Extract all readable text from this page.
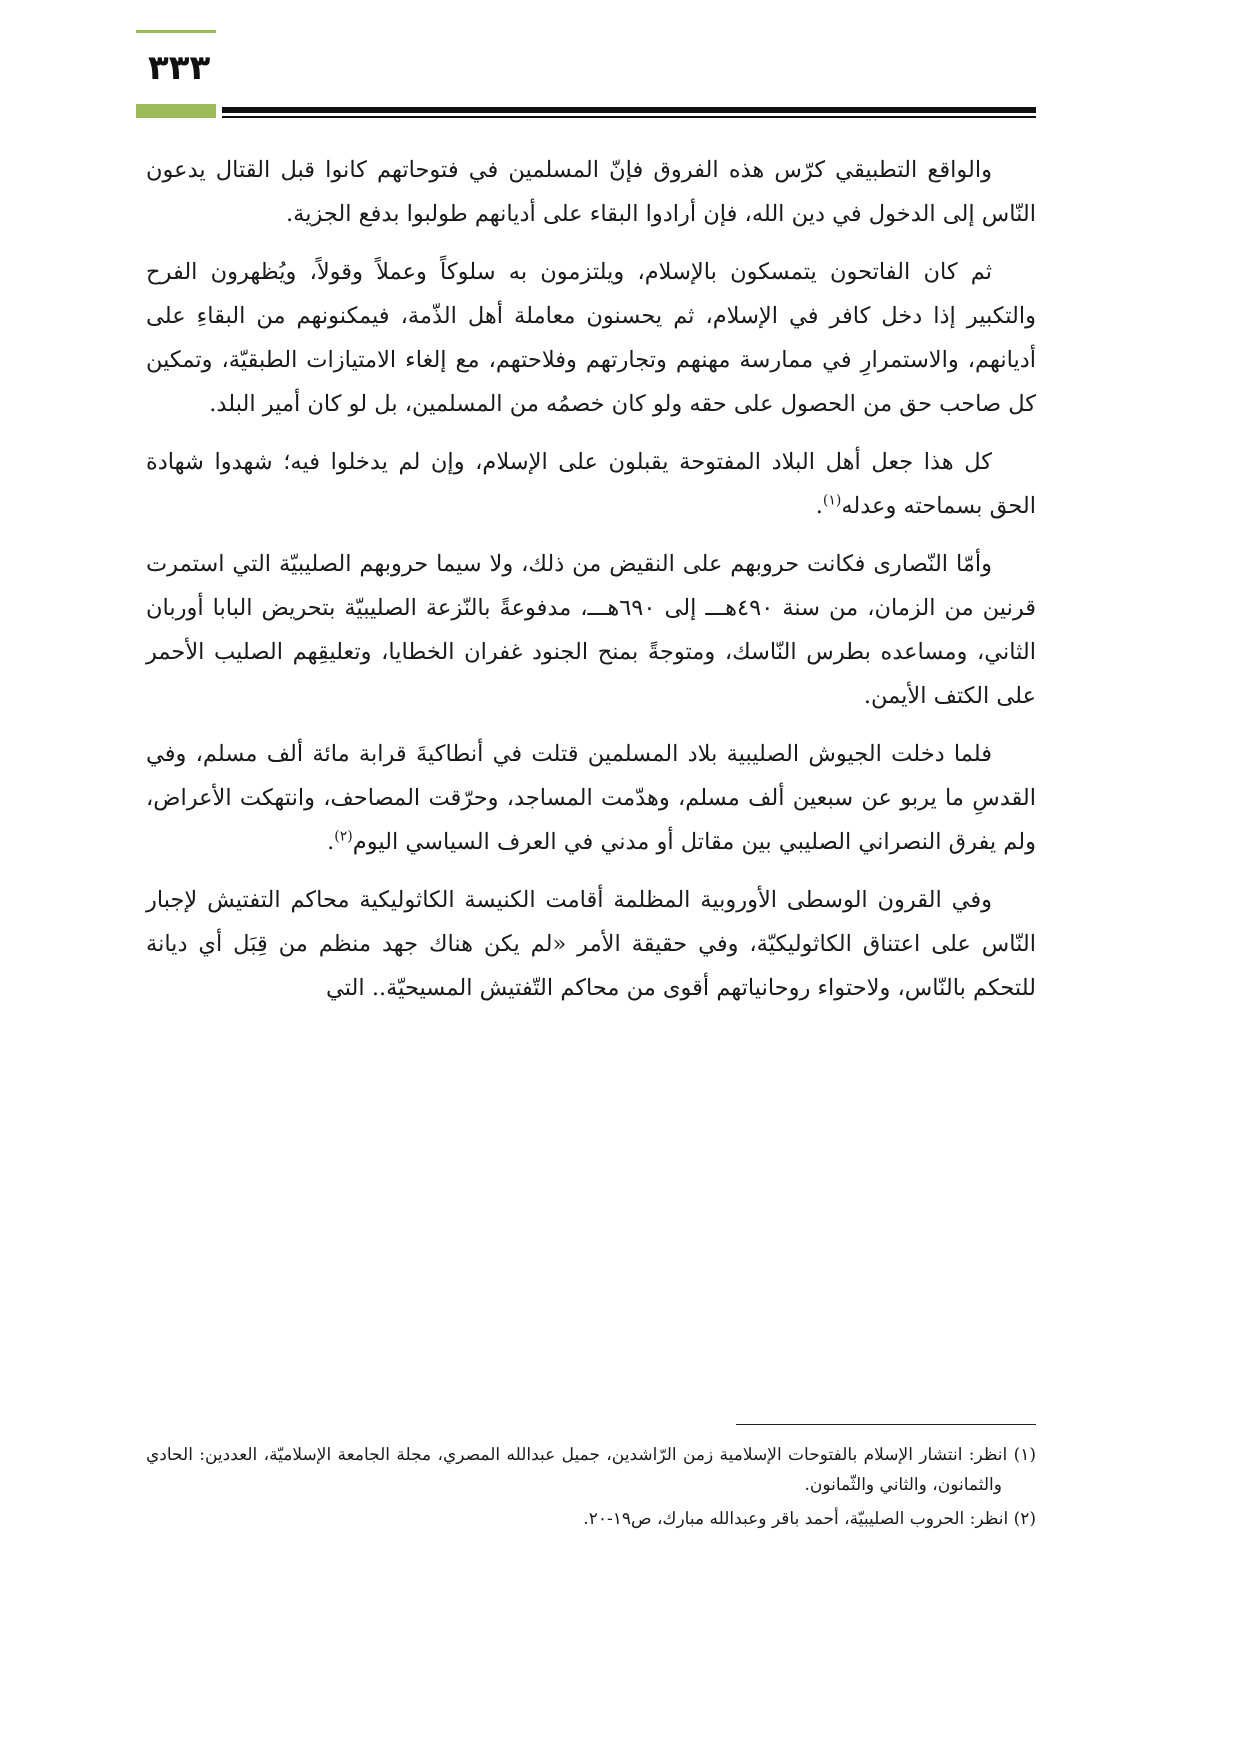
٣٣٣

والواقع التطبيقي كرّس هذه الفروق فإنّ المسلمين في فتوحاتهم كانوا قبل القتال يدعون النّاس إلى الدخول في دين الله، فإن أرادوا البقاء على أديانهم طولبوا بدفع الجزية.

ثم كان الفاتحون يتمسكون بالإسلام، ويلتزمون به سلوكاً وعملاً وقولاً، ويُظهرون الفرح والتكبير إذا دخل كافر في الإسلام، ثم يحسنون معاملة أهل الذّمة، فيمكنونهم من البقاءِ على أديانهم، والاستمرارِ في ممارسة مهنهم وتجارتهم وفلاحتهم، مع إلغاء الامتيازات الطبقيّة، وتمكين كل صاحب حق من الحصول على حقه ولو كان خصمُه من المسلمين، بل لو كان أمير البلد.

كل هذا جعل أهل البلاد المفتوحة يقبلون على الإسلام، وإن لم يدخلوا فيه؛ شهدوا شهادة الحق بسماحته وعدله$^{(١)}$.

وأمّا النّصارى فكانت حروبهم على النقيض من ذلك، ولا سيما حروبهم الصليبيّة التي استمرت قرنين من الزمان، من سنة ٤٩٠هـــ إلى ٦٩٠هـــ، مدفوعةً بالنّزعة الصليبيّة بتحريض البابا أوربان الثاني، ومساعده بطرس النّاسك، ومتوجةً بمنح الجنود غفران الخطايا، وتعليقِهم الصليب الأحمر على الكتف الأيمن.

فلما دخلت الجيوش الصليبية بلاد المسلمين قتلت في أنطاكيةَ قرابة مائة ألف مسلم، وفي القدسِ ما يربو عن سبعين ألف مسلم، وهدّمت المساجد، وحرّقت المصاحف، وانتهكت الأعراض، ولم يفرق النصراني الصليبي بين مقاتل أو مدني في العرف السياسي اليوم$^{(٢)}$.

وفي القرون الوسطى الأوروبية المظلمة أقامت الكنيسة الكاثوليكية محاكم التفتيش لإجبار النّاس على اعتناق الكاثوليكيّة، وفي حقيقة الأمر «لم يكن هناك جهد منظم من قِبَل أي ديانة للتحكم بالنّاس، ولاحتواء روحانياتهم أقوى من محاكم التّفتيش المسيحيّة.. التي

(١) انظر: انتشار الإسلام بالفتوحات الإسلامية زمن الرّاشدين، جميل عبدالله المصري، مجلة الجامعة الإسلاميّة، العددين: الحادي والثمانون، والثاني والثّمانون.

(٢) انظر: الحروب الصليبيّة، أحمد باقر وعبدالله مبارك، ص١٩-٢٠.
